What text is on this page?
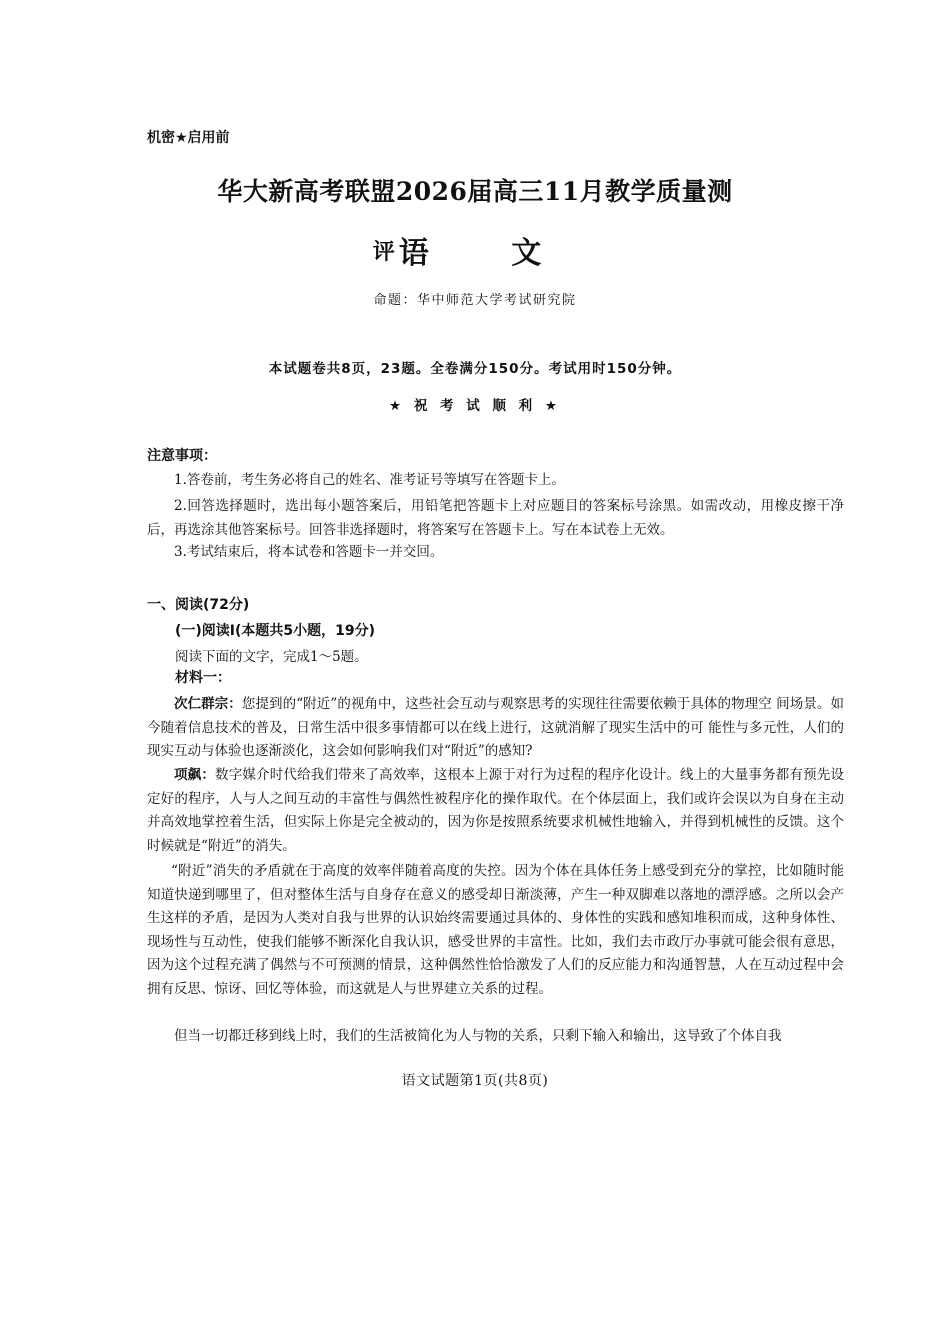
机密★启用前
华大新高考联盟2026届高三11月教学质量测
评 语 文
命题：华中师范大学考试研究院
本试题卷共8页，23题。全卷满分150分。考试用时150分钟。
★ 祝 考 试 顺 利 ★
注意事项：
1.答卷前，考生务必将自己的姓名、准考证号等填写在答题卡上。
2.回答选择题时，选出每小题答案后，用铅笔把答题卡上对应题目的答案标号涂黑。如需改动，用橡皮擦干净后，再选涂其他答案标号。回答非选择题时，将答案写在答题卡上。写在本试卷上无效。
3.考试结束后，将本试卷和答题卡一并交回。
一、阅读(72分)
(一)阅读Ⅰ(本题共5小题，19分)
阅读下面的文字，完成1～5题。
材料一：
次仁群宗：您提到的“附近”的视角中，这些社会互动与观察思考的实现往往需要依赖于具体的物理空 间场景。如今随着信息技术的普及，日常生活中很多事情都可以在线上进行，这就消解了现实生活中的可 能性与多元性，人们的现实互动与体验也逐渐淡化，这会如何影响我们对“附近”的感知?
项飙：数字媒介时代给我们带来了高效率，这根本上源于对行为过程的程序化设计。线上的大量事务都有预先设定好的程序，人与人之间互动的丰富性与偶然性被程序化的操作取代。在个体层面上，我们或许会误以为自身在主动并高效地掌控着生活，但实际上你是完全被动的，因为你是按照系统要求机械性地输入，并得到机械性的反馈。这个时候就是“附近”的消失。
“附近”消失的矛盾就在于高度的效率伴随着高度的失控。因为个体在具体任务上感受到充分的掌控，比如随时能知道快递到哪里了，但对整体生活与自身存在意义的感受却日渐淡薄，产生一种双脚难以落地的漂浮感。之所以会产生这样的矛盾，是因为人类对自我与世界的认识始终需要通过具体的、身体性的实践和感知堆积而成，这种身体性、现场性与互动性，使我们能够不断深化自我认识，感受世界的丰富性。比如，我们去市政厅办事就可能会很有意思，因为这个过程充满了偶然与不可预测的情景，这种偶然性恰恰激发了人们的反应能力和沟通智慧，人在互动过程中会拥有反思、惊讶、回忆等体验，而这就是人与世界建立关系的过程。
但当一切都迁移到线上时，我们的生活被简化为人与物的关系，只剩下输入和输出，这导致了个体自我
语文试题第1页(共8页)
